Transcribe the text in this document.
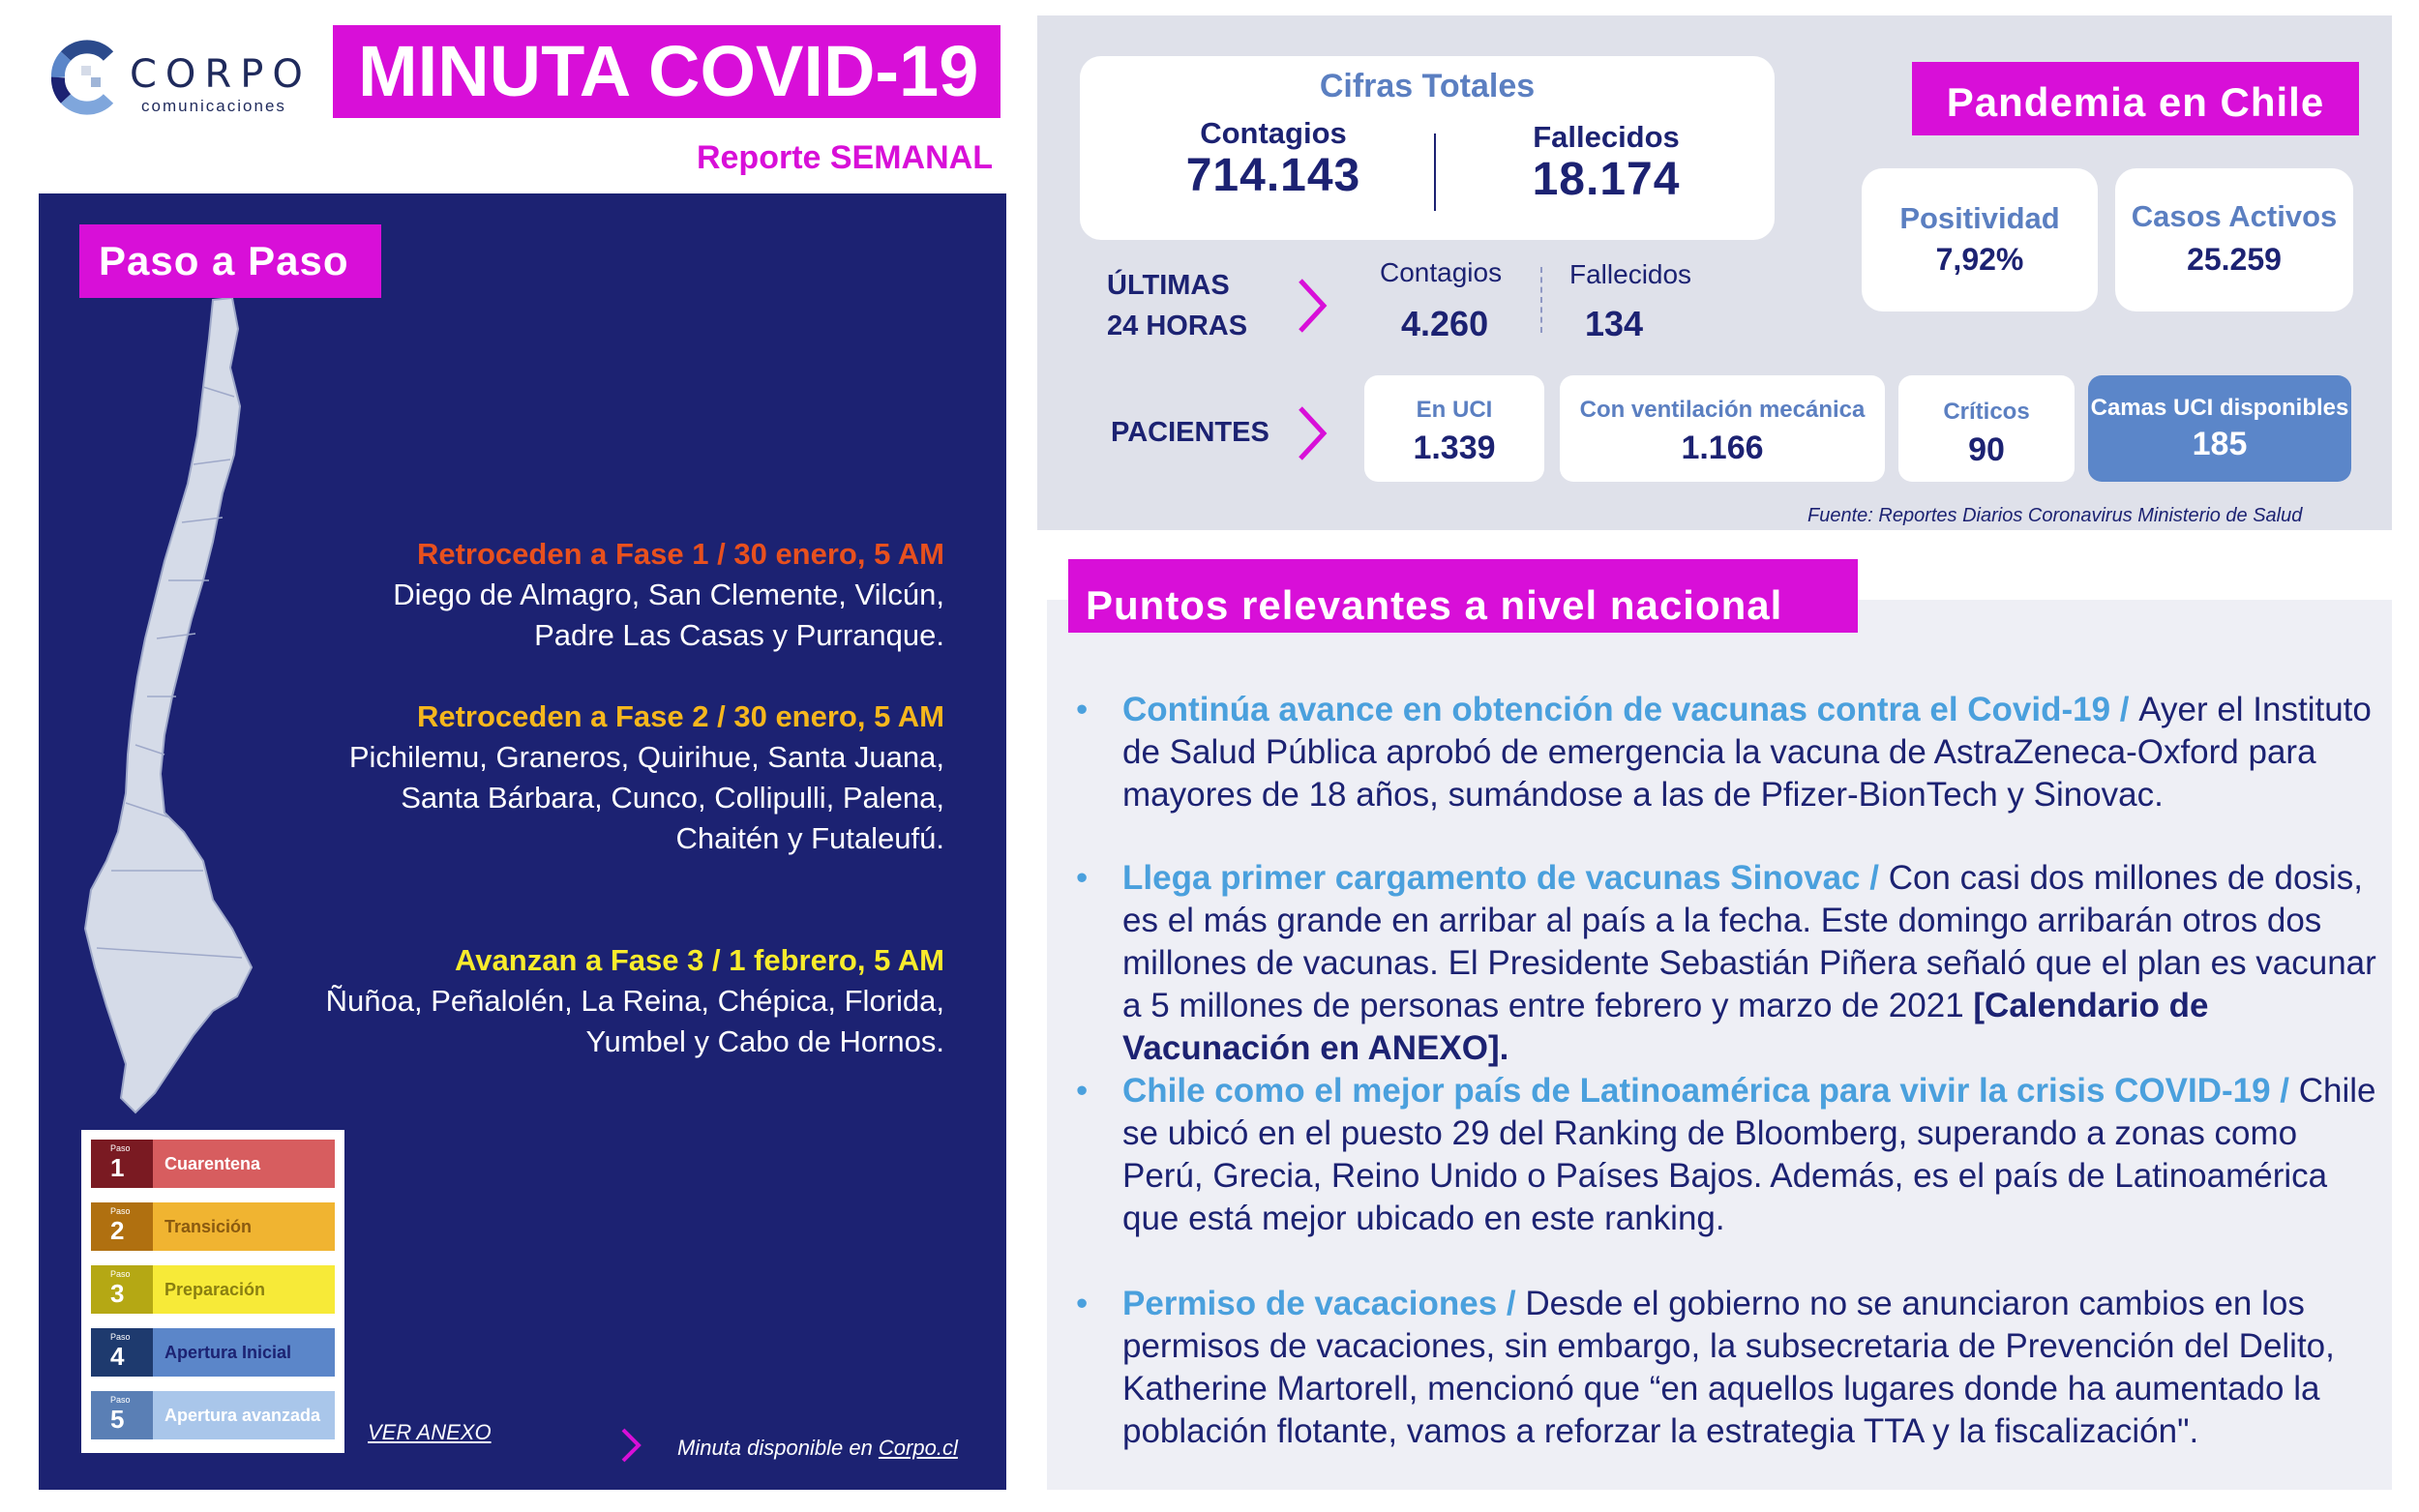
CORPO
comunicaciones	MINUTA COVID-19
Reporte SEMANAL
Paso a Paso
Retroceden a Fase 1 / 30 enero, 5 AM
Diego de Almagro, San Clemente, Vilcún,
Padre Las Casas y Purranque.
Retroceden a Fase 2 / 30 enero, 5 AM
Pichilemu, Graneros, Quirihue, Santa Juana,
Santa Bárbara, Cunco, Collipulli, Palena,
Chaitén y Futaleufú.
Avanzan a Fase 3 / 1 febrero, 5 AM
Ñuñoa, Peñalolén, La Reina, Chépica, Florida,
Yumbel y Cabo de Hornos.
Paso
1	Cuarentena
Paso
2	Transición
Paso
3	Preparación
Paso
4	Apertura Inicial
Paso
5	Apertura avanzada
VER ANEXO
Minuta disponible en Corpo.cl
Cifras Totales
Contagios
714.143
Fallecidos
18.174
Pandemia en Chile
Positividad
7,92%
Casos Activos
25.259
ÚLTIMAS
24 HORAS
Contagios
4.260
Fallecidos
134
PACIENTES
En UCI
1.339
Con ventilación mecánica
1.166
Críticos
90
Camas UCI disponibles
185
Fuente: Reportes Diarios Coronavirus Ministerio de Salud
Puntos relevantes a nivel nacional
• Continúa avance en obtención de vacunas contra el Covid-19 / Ayer el Instituto de Salud Pública aprobó de emergencia la vacuna de AstraZeneca-Oxford para mayores de 18 años, sumándose a las de Pfizer-BionTech y Sinovac.
• Llega primer cargamento de vacunas Sinovac / Con casi dos millones de dosis, es el más grande en arribar al país a la fecha. Este domingo arribarán otros dos millones de vacunas. El Presidente Sebastián Piñera señaló que el plan es vacunar a 5 millones de personas entre febrero y marzo de 2021 [Calendario de Vacunación en ANEXO].
• Chile como el mejor país de Latinoamérica para vivir la crisis COVID-19 / Chile se ubicó en el puesto 29 del Ranking de Bloomberg, superando a zonas como Perú, Grecia, Reino Unido o Países Bajos. Además, es el país de Latinoamérica que está mejor ubicado en este ranking.
• Permiso de vacaciones / Desde el gobierno no se anunciaron cambios en los permisos de vacaciones, sin embargo, la subsecretaria de Prevención del Delito, Katherine Martorell, mencionó que “en aquellos lugares donde ha aumentado la población flotante, vamos a reforzar la estrategia TTA y la fiscalización".
